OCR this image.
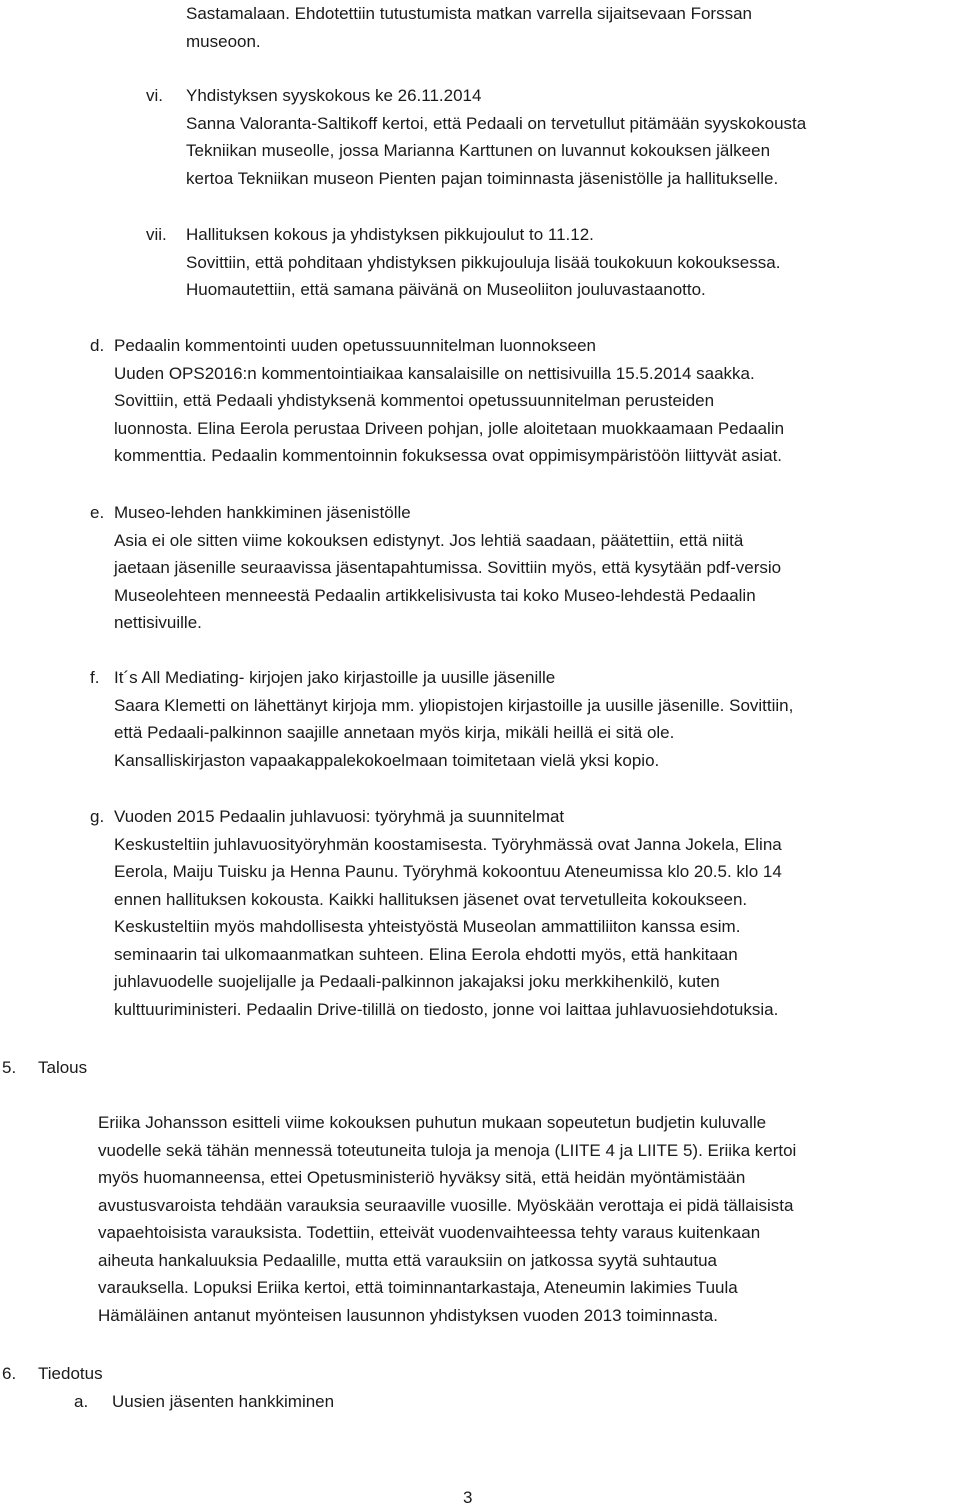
Sastamalaan. Ehdotettiin tutustumista matkan varrella sijaitsevaan Forssan
museoon.
vi. Yhdistyksen syyskokous ke 26.11.2014
Sanna Valoranta-Saltikoff kertoi, että Pedaali on tervetullut pitämään syyskokousta
Tekniikan museolle, jossa Marianna Karttunen on luvannut kokouksen jälkeen
kertoa Tekniikan museon Pienten pajan toiminnasta jäsenistölle ja hallitukselle.
vii. Hallituksen kokous ja yhdistyksen pikkujoulut to 11.12.
Sovittiin, että pohditaan yhdistyksen pikkujouluja lisää toukokuun kokouksessa.
Huomautettiin, että samana päivänä on Museoliiton jouluvastaanotto.
d. Pedaalin kommentointi uuden opetussuunnitelman luonnokseen
Uuden OPS2016:n kommentointiaikaa kansalaisille on nettisivuilla 15.5.2014 saakka.
Sovittiin, että Pedaali yhdistyksenä kommentoi opetussuunnitelman perusteiden
luonnosta. Elina Eerola perustaa Driveen pohjan, jolle aloitetaan muokkaamaan Pedaalin
kommenttia. Pedaalin kommentoinnin fokuksessa ovat oppimisympäristöön liittyvät asiat.
e. Museo-lehden hankkiminen jäsenistölle
Asia ei ole sitten viime kokouksen edistynyt. Jos lehtiä saadaan, päätettiin, että niitä
jaetaan jäsenille seuraavissa jäsentapahtumissa. Sovittiin myös, että kysytään pdf-versio
Museolehteen menneestä Pedaalin artikkelisivusta tai koko Museo-lehdestä Pedaalin
nettisivuille.
f. It´s All Mediating- kirjojen jako kirjastoille ja uusille jäsenille
Saara Klemetti on lähettänyt kirjoja mm. yliopistojen kirjastoille ja uusille jäsenille. Sovittiin,
että Pedaali-palkinnon saajille annetaan myös kirja, mikäli heillä ei sitä ole.
Kansalliskirjaston vapaakappalekokoelmaan toimitetaan vielä yksi kopio.
g. Vuoden 2015 Pedaalin juhlavuosi: työryhmä ja suunnitelmat
Keskusteltiin juhlavuosityöryhmän koostamisesta. Työryhmässä ovat Janna Jokela, Elina
Eerola, Maiju Tuisku ja Henna Paunu. Työryhmä kokoontuu Ateneumissa klo 20.5. klo 14
ennen hallituksen kokousta. Kaikki hallituksen jäsenet ovat tervetulleita kokoukseen.
Keskusteltiin myös mahdollisesta yhteistyöstä Museolan ammattiliiton kanssa esim.
seminaarin tai ulkomaanmatkan suhteen. Elina Eerola ehdotti myös, että hankitaan
juhlavuodelle suojelijalle ja Pedaali-palkinnon jakajaksi joku merkkihenkilö, kuten
kulttuuriministeri. Pedaalin Drive-tilillä on tiedosto, jonne voi laittaa juhlavuosiehdotuksia.
5. Talous
Eriika Johansson esitteli viime kokouksen puhutun mukaan sopeutetun budjetin kuluvalle
vuodelle sekä tähän mennessä toteutuneita tuloja ja menoja (LIITE 4 ja LIITE 5). Eriika kertoi
myös huomanneensa, ettei Opetusministeriö hyväksy sitä, että heidän myöntämistään
avustusvaroista tehdään varauksia seuraaville vuosille. Myöskään verottaja ei pidä tällaisista
vapaehtoisista varauksista. Todettiin, etteivät vuodenvaihteessa tehty varaus kuitenkaan
aiheuta hankaluuksia Pedaalille, mutta että varauksiin on jatkossa syytä suhtautua
varauksella. Lopuksi Eriika kertoi, että toiminnantarkastaja, Ateneumin lakimies Tuula
Hämäläinen antanut myönteisen lausunnon yhdistyksen vuoden 2013 toiminnasta.
6. Tiedotus
a. Uusien jäsenten hankkiminen
3
